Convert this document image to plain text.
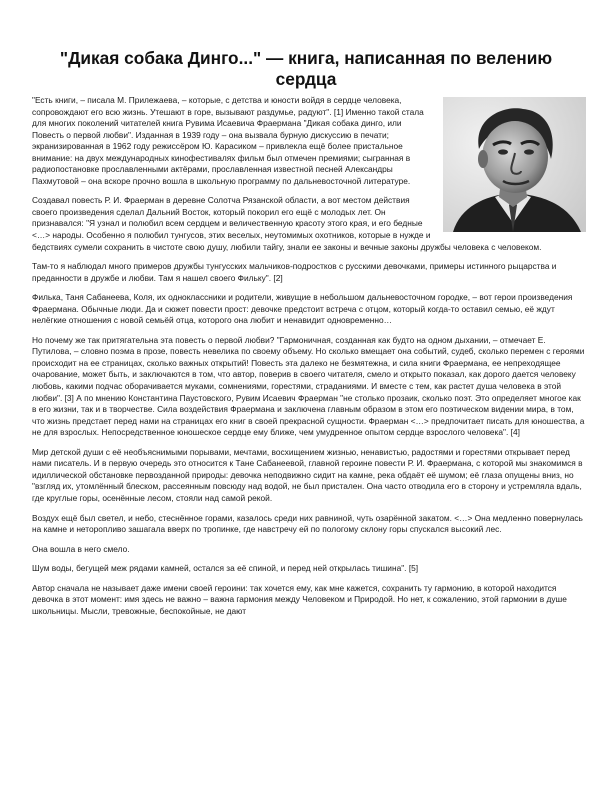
"Дикая собака Динго..." — книга, написанная по велению сердца

"Есть книги, – писала М. Прилежаева, – которые, с детства и юности войдя в сердце человека, сопровождают его всю жизнь. Утешают в горе, вызывают раздумье, радуют". [1] Именно такой стала для многих поколений читателей книга Рувима Исаевича Фраермана "Дикая собака динго, или Повесть о первой любви". Изданная в 1939 году – она вызвала бурную дискуссию в печати; экранизированная в 1962 году режиссёром Ю. Карасиком – привлекла ещё более пристальное внимание: на двух международных кинофестивалях фильм был отмечен премиями; сыгранная в радиопостановке прославленными актёрами, прославленная известной песней Александры Пахмутовой – она вскоре прочно вошла в школьную программу по дальневосточной литературе.

Создавал повесть Р. И. Фраерман в деревне Солотча Рязанской области, а вот местом действия своего произведения сделал Дальний Восток, который покорил его ещё с молодых лет. Он признавался: "Я узнал и полюбил всем сердцем и величественную красоту этого края, и его бедные <…> народы. Особенно я полюбил тунгусов, этих веселых, неутомимых охотников, которые в нужде и бедствиях сумели сохранить в чистоте свою душу, любили тайгу, знали ее законы и вечные законы дружбы человека с человеком.

Там-то я наблюдал много примеров дружбы тунгусских мальчиков-подростков с русскими девочками, примеры истинного рыцарства и преданности в дружбе и любви. Там я нашел своего Фильку". [2]

Филька, Таня Сабанеева, Коля, их одноклассники и родители, живущие в небольшом дальневосточном городке, – вот герои произведения Фраермана. Обычные люди. Да и сюжет повести прост: девочке предстоит встреча с отцом, который когда-то оставил семью, её ждут нелёгкие отношения с новой семьёй отца, которого она любит и ненавидит одновременно…

Но почему же так притягательна эта повесть о первой любви? "Гармоничная, созданная как будто на одном дыхании, – отмечает Е. Путилова, – словно поэма в прозе, повесть невелика по своему объему. Но сколько вмещает она событий, судеб, сколько перемен с героями происходит на ее страницах, сколько важных открытий! Повесть эта далеко не безмятежна, и сила книги Фраермана, ее непреходящее очарование, может быть, и заключаются в том, что автор, поверив в своего читателя, смело и открыто показал, как дорого дается человеку любовь, какими подчас оборачивается муками, сомнениями, горестями, страданиями. И вместе с тем, как растет душа человека в этой любви". [3] А по мнению Константина Паустовского, Рувим Исаевич Фраерман "не столько прозаик, сколько поэт. Это определяет многое как в его жизни, так и в творчестве. Сила воздействия Фраермана и заключена главным образом в этом его поэтическом видении мира, в том, что жизнь предстает перед нами на страницах его книг в своей прекрасной сущности. Фраерман <…> предпочитает писать для юношества, а не для взрослых. Непосредственное юношеское сердце ему ближе, чем умудренное опытом сердце взрослого человека". [4]

Мир детской души с её необъяснимыми порывами, мечтами, восхищением жизнью, ненавистью, радостями и горестями открывает перед нами писатель. И в первую очередь это относится к Тане Сабанеевой, главной героине повести Р. И. Фраермана, с которой мы знакомимся в идиллической обстановке первозданной природы: девочка неподвижно сидит на камне, река обдаёт её шумом; её глаза опущены вниз, но "взгляд их, утомлённый блеском, рассеянным повсюду над водой, не был пристален. Она часто отводила его в сторону и устремляла вдаль, где круглые горы, осенённые лесом, стояли над самой рекой.

Воздух ещё был светел, и небо, стеснённое горами, казалось среди них равниной, чуть озарённой закатом. <…> Она медленно повернулась на камне и неторопливо зашагала вверх по тропинке, где навстречу ей по пологому склону горы спускался высокий лес.

Она вошла в него смело.

Шум воды, бегущей меж рядами камней, остался за её спиной, и перед ней открылась тишина". [5]

Автор сначала не называет даже имени своей героини: так хочется ему, как мне кажется, сохранить ту гармонию, в которой находится девочка в этот момент: имя здесь не важно – важна гармония между Человеком и Природой. Но нет, к сожалению, этой гармонии в душе школьницы. Мысли, тревожные, беспокойные, не дают
